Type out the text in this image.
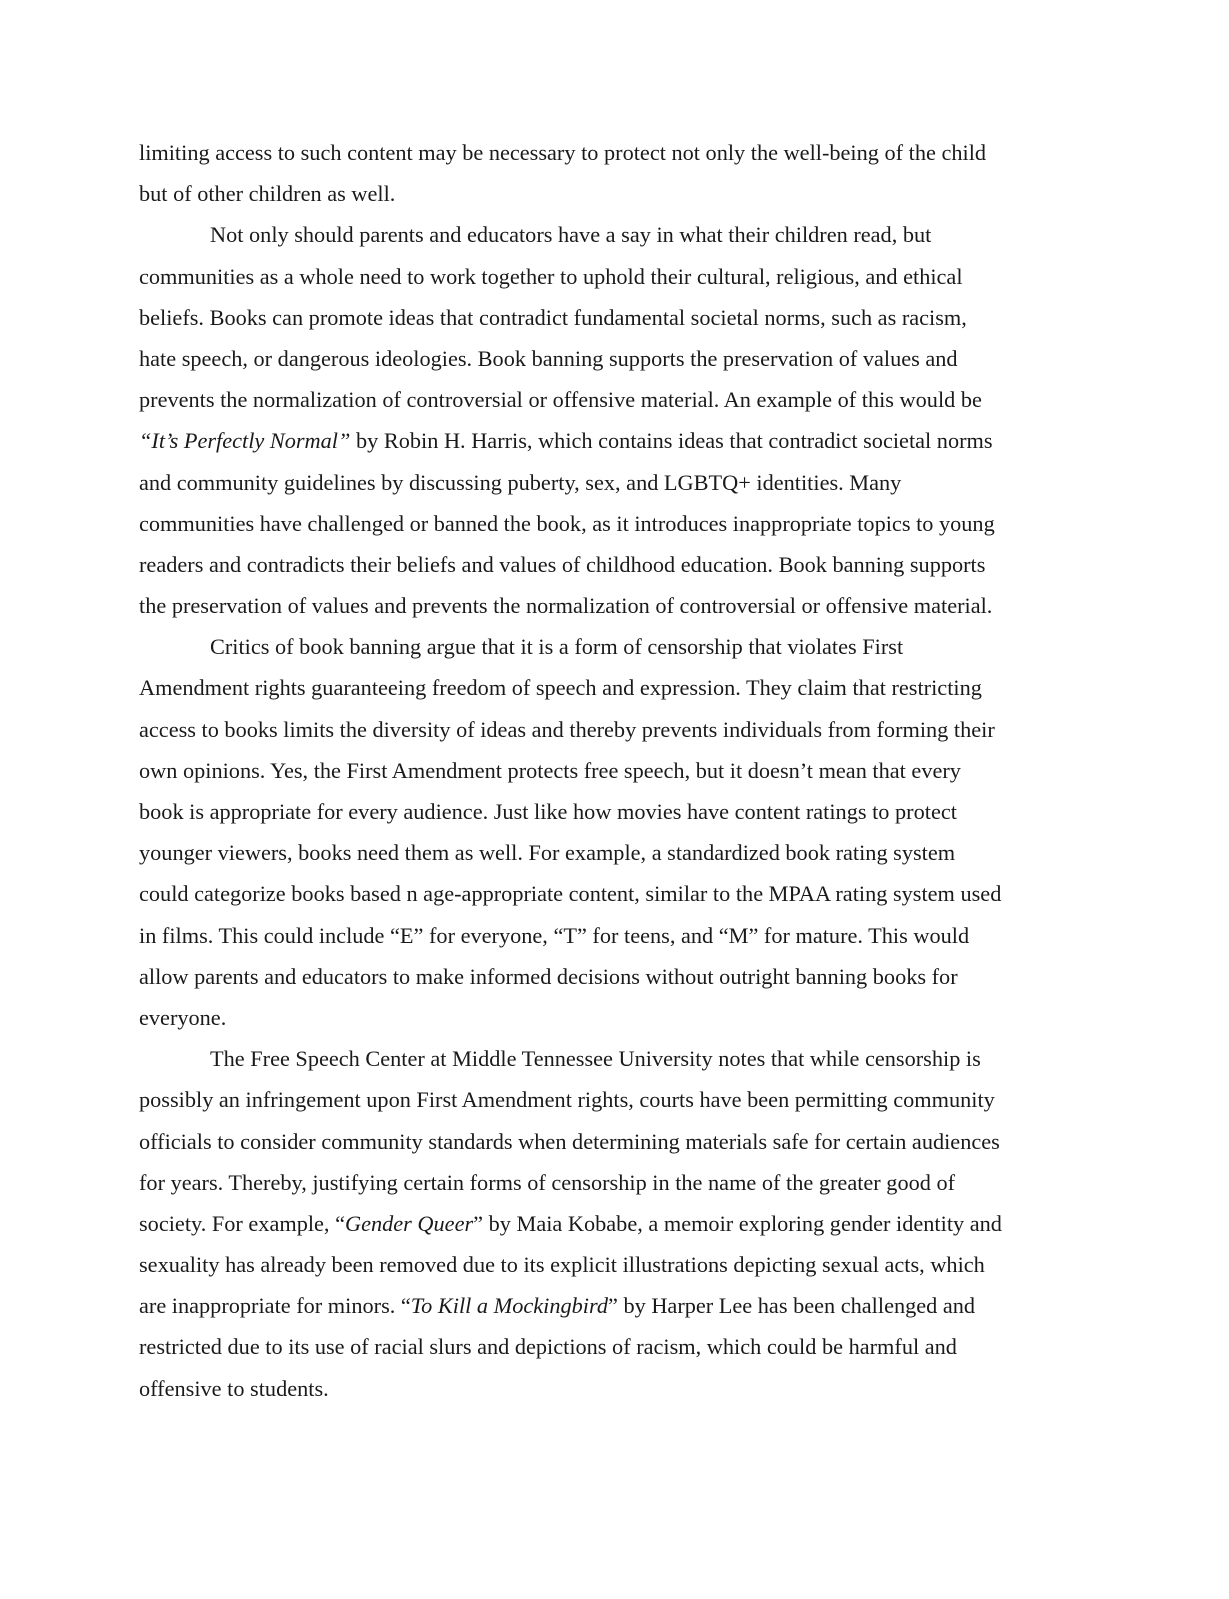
limiting access to such content may be necessary to protect not only the well-being of the child
but of other children as well.
Not only should parents and educators have a say in what their children read, but
communities as a whole need to work together to uphold their cultural, religious, and ethical
beliefs. Books can promote ideas that contradict fundamental societal norms, such as racism,
hate speech, or dangerous ideologies. Book banning supports the preservation of values and
prevents the normalization of controversial or offensive material. An example of this would be
“It’s Perfectly Normal” by Robin H. Harris, which contains ideas that contradict societal norms
and community guidelines by discussing puberty, sex, and LGBTQ+ identities. Many
communities have challenged or banned the book, as it introduces inappropriate topics to young
readers and contradicts their beliefs and values of childhood education. Book banning supports
the preservation of values and prevents the normalization of controversial or offensive material.
Critics of book banning argue that it is a form of censorship that violates First
Amendment rights guaranteeing freedom of speech and expression. They claim that restricting
access to books limits the diversity of ideas and thereby prevents individuals from forming their
own opinions. Yes, the First Amendment protects free speech, but it doesn’t mean that every
book is appropriate for every audience. Just like how movies have content ratings to protect
younger viewers, books need them as well. For example, a standardized book rating system
could categorize books based n age-appropriate content, similar to the MPAA rating system used
in films. This could include “E” for everyone, “T” for teens, and “M” for mature. This would
allow parents and educators to make informed decisions without outright banning books for
everyone.
The Free Speech Center at Middle Tennessee University notes that while censorship is
possibly an infringement upon First Amendment rights, courts have been permitting community
officials to consider community standards when determining materials safe for certain audiences
for years. Thereby, justifying certain forms of censorship in the name of the greater good of
society. For example, “Gender Queer” by Maia Kobabe, a memoir exploring gender identity and
sexuality has already been removed due to its explicit illustrations depicting sexual acts, which
are inappropriate for minors. “To Kill a Mockingbird” by Harper Lee has been challenged and
restricted due to its use of racial slurs and depictions of racism, which could be harmful and
offensive to students.
